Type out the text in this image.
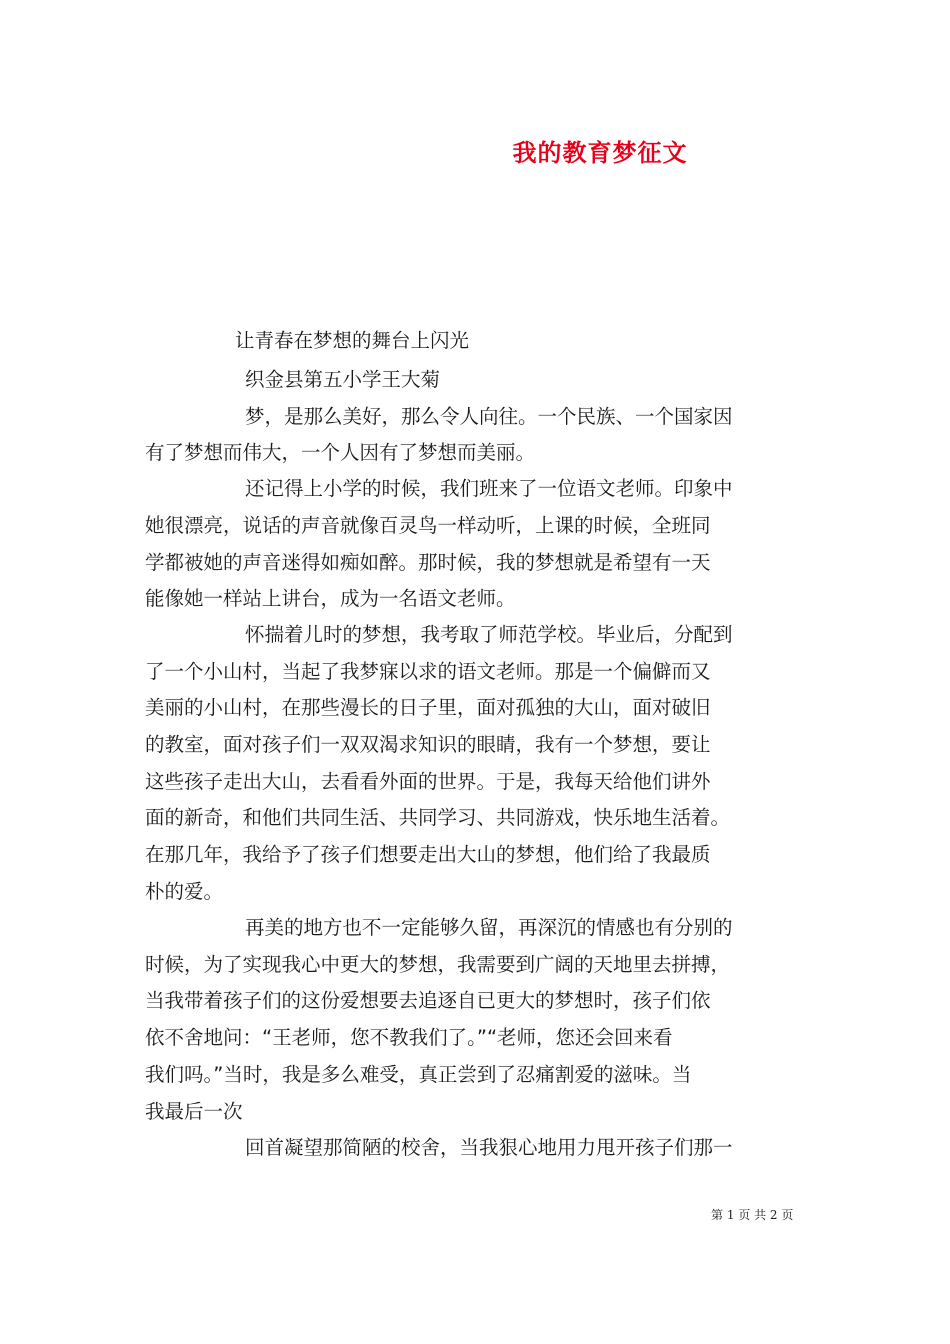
我的教育梦征文
让青春在梦想的舞台上闪光
织金县第五小学王大菊
梦，是那么美好，那么令人向往。一个民族、一个国家因
有了梦想而伟大，一个人因有了梦想而美丽。
还记得上小学的时候，我们班来了一位语文老师。印象中
她很漂亮，说话的声音就像百灵鸟一样动听，上课的时候，全班同
学都被她的声音迷得如痴如醉。那时候，我的梦想就是希望有一天
能像她一样站上讲台，成为一名语文老师。
怀揣着儿时的梦想，我考取了师范学校。毕业后，分配到
了一个小山村，当起了我梦寐以求的语文老师。那是一个偏僻而又
美丽的小山村，在那些漫长的日子里，面对孤独的大山，面对破旧
的教室，面对孩子们一双双渴求知识的眼睛，我有一个梦想，要让
这些孩子走出大山，去看看外面的世界。于是，我每天给他们讲外
面的新奇，和他们共同生活、共同学习、共同游戏，快乐地生活着。
在那几年，我给予了孩子们想要走出大山的梦想，他们给了我最质
朴的爱。
再美的地方也不一定能够久留，再深沉的情感也有分别的
时候，为了实现我心中更大的梦想，我需要到广阔的天地里去拼搏，
当我带着孩子们的这份爱想要去追逐自已更大的梦想时，孩子们依
依不舍地问：“王老师，您不教我们了。”“老师，您还会回来看
我们吗。”当时，我是多么难受，真正尝到了忍痛割爱的滋味。当
我最后一次
回首凝望那简陋的校舍，当我狠心地用力甩开孩子们那一
第 1 页 共 2 页
